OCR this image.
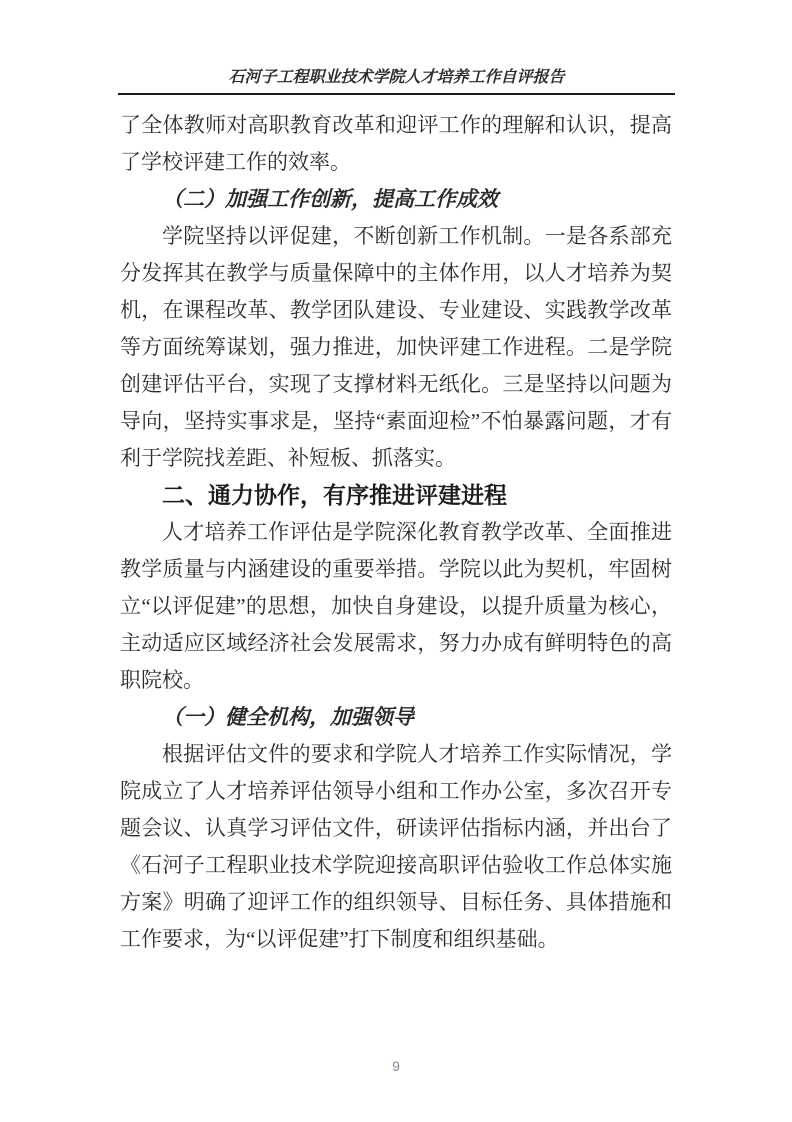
石河子工程职业技术学院人才培养工作自评报告
了全体教师对高职教育改革和迎评工作的理解和认识，提高了学校评建工作的效率。
（二）加强工作创新，提高工作成效
学院坚持以评促建，不断创新工作机制。一是各系部充分发挥其在教学与质量保障中的主体作用，以人才培养为契机，在课程改革、教学团队建设、专业建设、实践教学改革等方面统筹谋划，强力推进，加快评建工作进程。二是学院创建评估平台，实现了支撑材料无纸化。三是坚持以问题为导向，坚持实事求是，坚持“素面迎检”不怕暴露问题，才有利于学院找差距、补短板、抓落实。
二、通力协作，有序推进评建进程
人才培养工作评估是学院深化教育教学改革、全面推进教学质量与内涵建设的重要举措。学院以此为契机，牢固树立“以评促建”的思想，加快自身建设，以提升质量为核心，主动适应区域经济社会发展需求，努力办成有鲜明特色的高职院校。
（一）健全机构，加强领导
根据评估文件的要求和学院人才培养工作实际情况，学院成立了人才培养评估领导小组和工作办公室，多次召开专题会议、认真学习评估文件，研读评估指标内涵，并出台了《石河子工程职业技术学院迎接高职评估验收工作总体实施方案》明确了迎评工作的组织领导、目标任务、具体措施和工作要求，为“以评促建”打下制度和组织基础。
9
